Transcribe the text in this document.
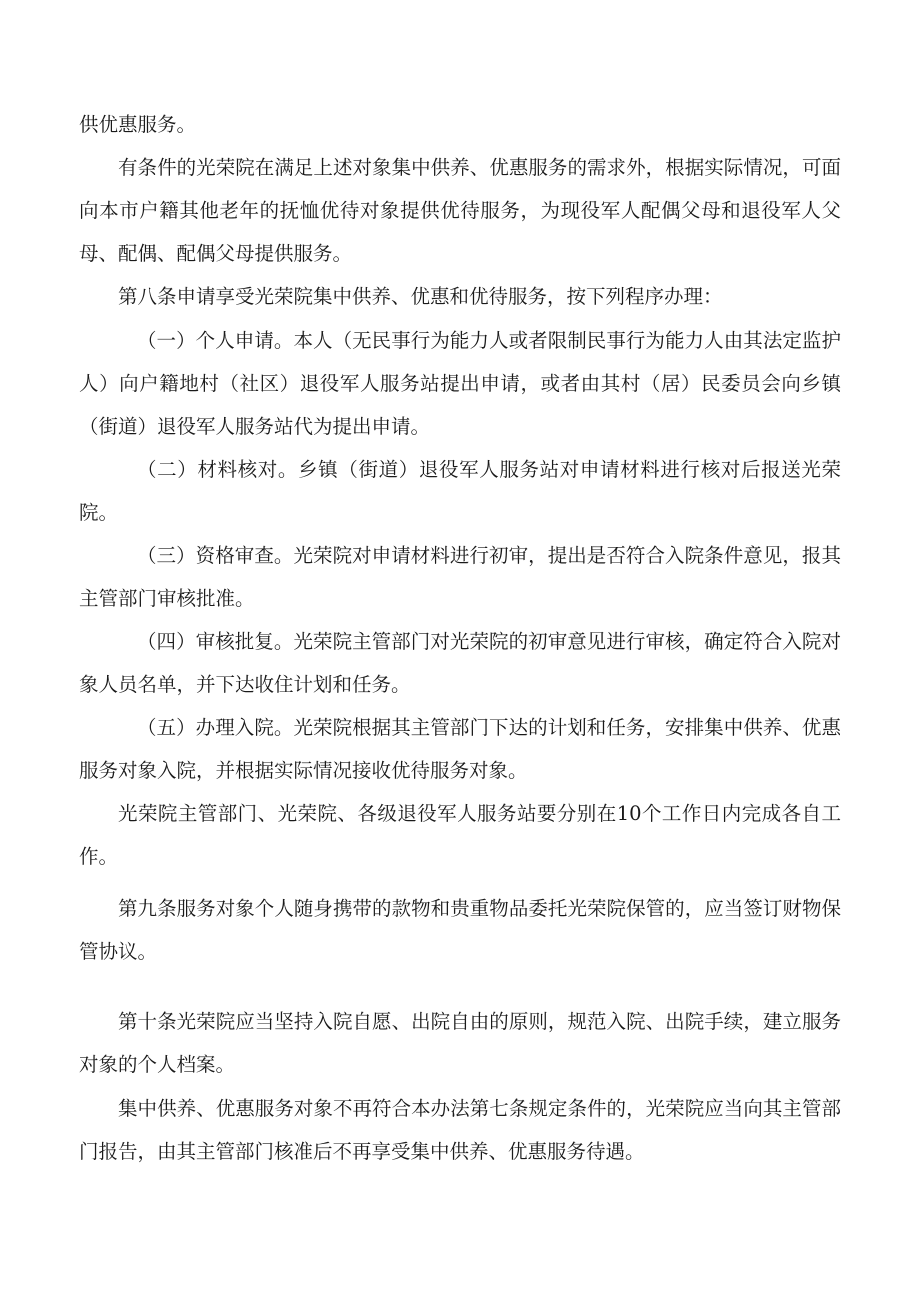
供优惠服务。

有条件的光荣院在满足上述对象集中供养、优惠服务的需求外，根据实际情况，可面向本市户籍其他老年的抚恤优待对象提供优待服务，为现役军人配偶父母和退役军人父母、配偶、配偶父母提供服务。

第八条申请享受光荣院集中供养、优惠和优待服务，按下列程序办理：

（一）个人申请。本人（无民事行为能力人或者限制民事行为能力人由其法定监护人）向户籍地村（社区）退役军人服务站提出申请，或者由其村（居）民委员会向乡镇（街道）退役军人服务站代为提出申请。

（二）材料核对。乡镇（街道）退役军人服务站对申请材料进行核对后报送光荣院。

（三）资格审查。光荣院对申请材料进行初审，提出是否符合入院条件意见，报其主管部门审核批准。

（四）审核批复。光荣院主管部门对光荣院的初审意见进行审核，确定符合入院对象人员名单，并下达收住计划和任务。

（五）办理入院。光荣院根据其主管部门下达的计划和任务，安排集中供养、优惠服务对象入院，并根据实际情况接收优待服务对象。

光荣院主管部门、光荣院、各级退役军人服务站要分别在10个工作日内完成各自工作。

第九条服务对象个人随身携带的款物和贵重物品委托光荣院保管的，应当签订财物保管协议。

第十条光荣院应当坚持入院自愿、出院自由的原则，规范入院、出院手续，建立服务对象的个人档案。

集中供养、优惠服务对象不再符合本办法第七条规定条件的，光荣院应当向其主管部门报告，由其主管部门核准后不再享受集中供养、优惠服务待遇。
